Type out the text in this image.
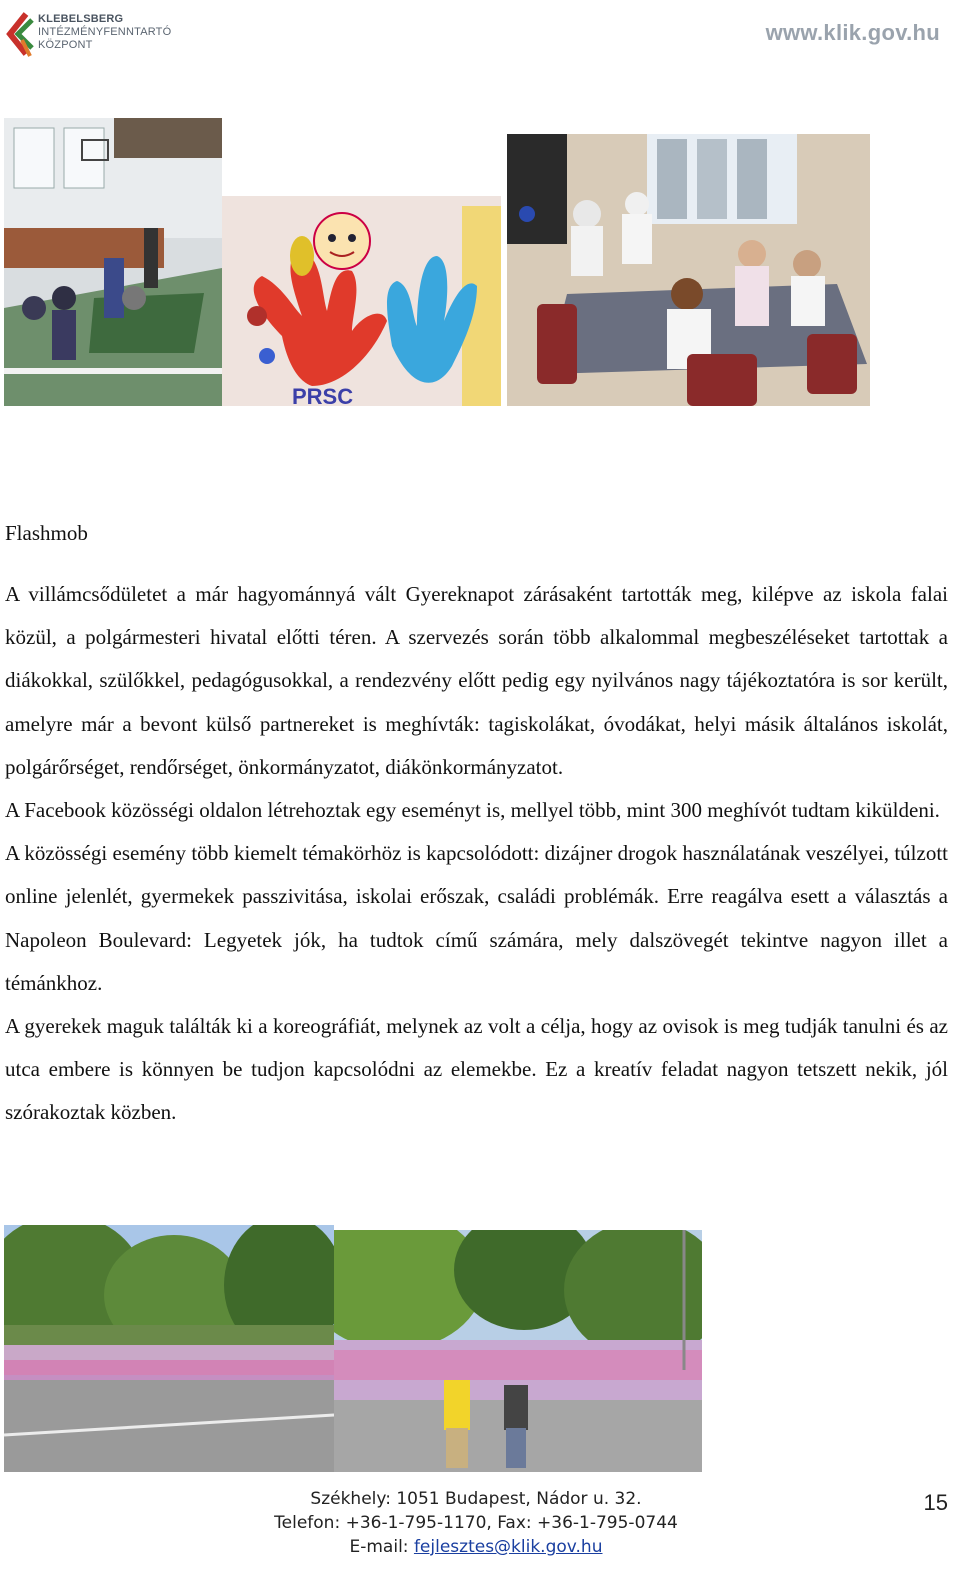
KLEBELSBERG
INTÉZMÉNYFENNTARTÓ
KÖZPONT	www.klik.gov.hu
PRSC
Flashmob

A villámcsődületet a már hagyománnyá vált Gyereknapot zárásaként tartották meg, kilépve az iskola falai közül, a polgármesteri hivatal előtti téren. A szervezés során több alkalommal megbeszéléseket tartottak a diákokkal, szülőkkel, pedagógusokkal, a rendezvény előtt pedig egy nyilvános nagy tájékoztatóra is sor került, amelyre már a bevont külső partnereket is meghívták: tagiskolákat, óvodákat, helyi másik általános iskolát, polgárőrséget, rendőrséget, önkormányzatot, diákönkormányzatot.

A Facebook közösségi oldalon létrehoztak egy eseményt is, mellyel több, mint 300 meghívót tudtam kiküldeni.

A közösségi esemény több kiemelt témakörhöz is kapcsolódott: dizájner drogok használatának veszélyei, túlzott online jelenlét, gyermekek passzivitása, iskolai erőszak, családi problémák. Erre reagálva esett a választás a Napoleon Boulevard: Legyetek jók, ha tudtok című számára, mely dalszövegét tekintve nagyon illet a témánkhoz.

A gyerekek maguk találták ki a koreográfiát, melynek az volt a célja, hogy az ovisok is meg tudják tanulni és az utca embere is könnyen be tudjon kapcsolódni az elemekbe. Ez a kreatív feladat nagyon tetszett nekik, jól szórakoztak közben.

Székhely: 1051 Budapest, Nádor u. 32.
Telefon: +36-1-795-1170, Fax: +36-1-795-0744
E-mail: fejlesztes@klik.gov.hu
15
